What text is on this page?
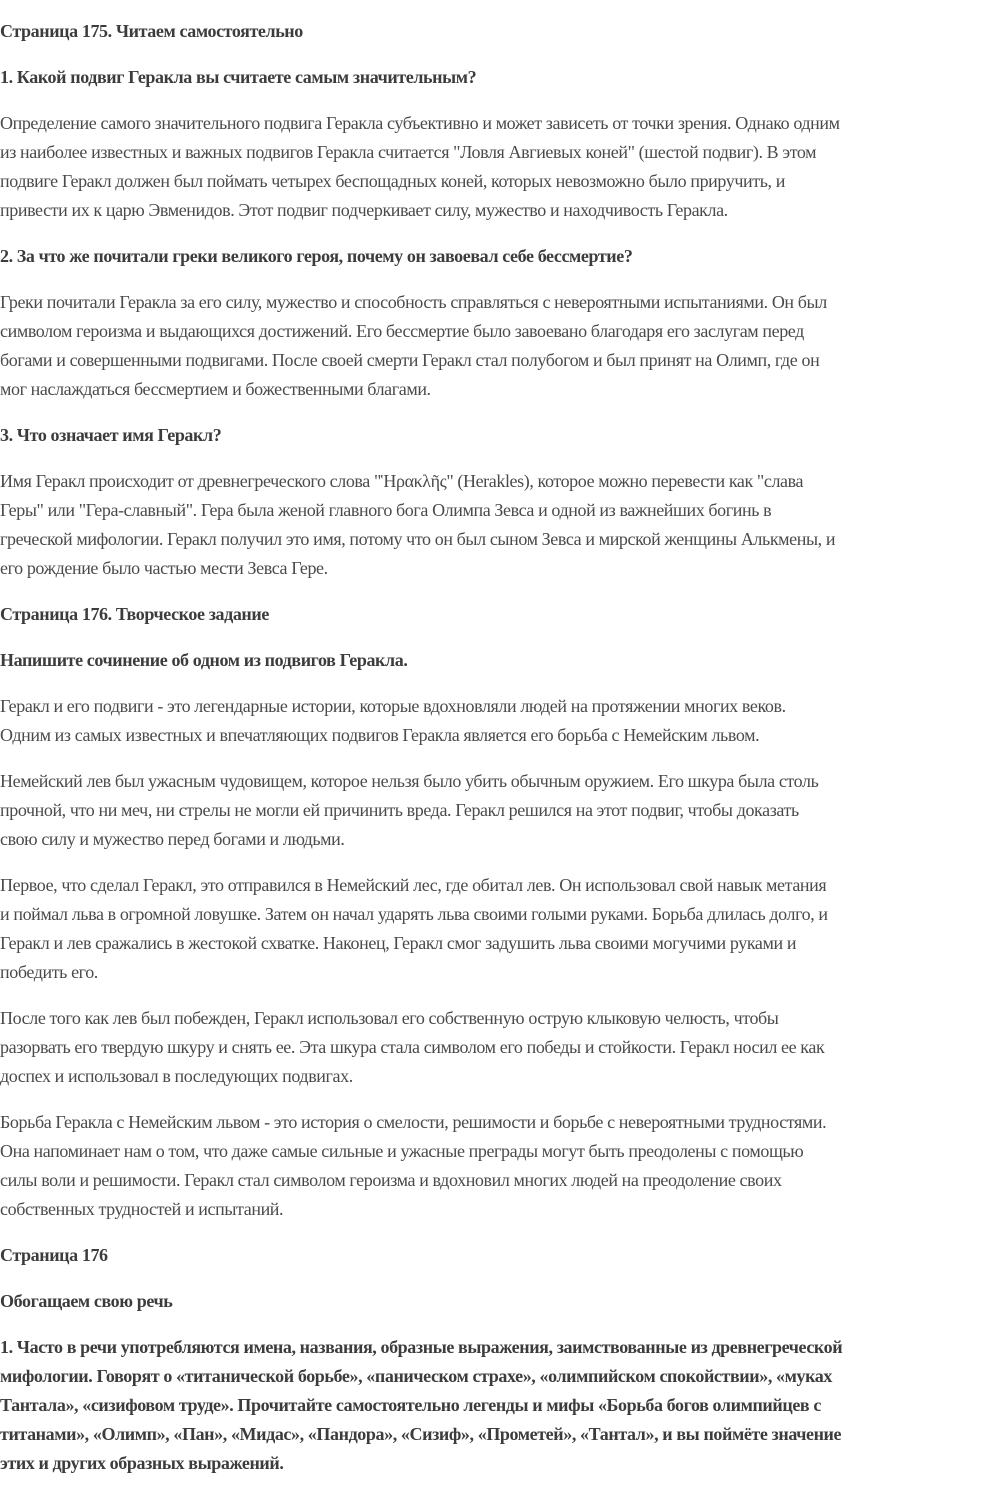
Страница 175. Читаем самостоятельно
1. Какой подвиг Геракла вы считаете самым значительным?
Определение самого значительного подвига Геракла субъективно и может зависеть от точки зрения. Однако одним
из наиболее известных и важных подвигов Геракла считается "Ловля Авгиевых коней" (шестой подвиг). В этом
подвиге Геракл должен был поймать четырех беспощадных коней, которых невозможно было приручить, и
привести их к царю Эвменидов. Этот подвиг подчеркивает силу, мужество и находчивость Геракла.
2. За что же почитали греки великого героя, почему он завоевал себе бессмертие?
Греки почитали Геракла за его силу, мужество и способность справляться с невероятными испытаниями. Он был
символом героизма и выдающихся достижений. Его бессмертие было завоевано благодаря его заслугам перед
богами и совершенными подвигами. После своей смерти Геракл стал полубогом и был принят на Олимп, где он
мог наслаждаться бессмертием и божественными благами.
3. Что означает имя Геракл?
Имя Геракл происходит от древнегреческого слова "Ἡρακλῆς" (Herakles), которое можно перевести как "слава
Геры" или "Гера-славный". Гера была женой главного бога Олимпа Зевса и одной из важнейших богинь в
греческой мифологии. Геракл получил это имя, потому что он был сыном Зевса и мирской женщины Алькмены, и
его рождение было частью мести Зевса Гере.
Страница 176. Творческое задание
Напишите сочинение об одном из подвигов Геракла.
Геракл и его подвиги - это легендарные истории, которые вдохновляли людей на протяжении многих веков.
Одним из самых известных и впечатляющих подвигов Геракла является его борьба с Немейским львом.
Немейский лев был ужасным чудовищем, которое нельзя было убить обычным оружием. Его шкура была столь
прочной, что ни меч, ни стрелы не могли ей причинить вреда. Геракл решился на этот подвиг, чтобы доказать
свою силу и мужество перед богами и людьми.
Первое, что сделал Геракл, это отправился в Немейский лес, где обитал лев. Он использовал свой навык метания
и поймал льва в огромной ловушке. Затем он начал ударять льва своими голыми руками. Борьба длилась долго, и
Геракл и лев сражались в жестокой схватке. Наконец, Геракл смог задушить льва своими могучими руками и
победить его.
После того как лев был побежден, Геракл использовал его собственную острую клыковую челюсть, чтобы
разорвать его твердую шкуру и снять ее. Эта шкура стала символом его победы и стойкости. Геракл носил ее как
доспех и использовал в последующих подвигах.
Борьба Геракла с Немейским львом - это история о смелости, решимости и борьбе с невероятными трудностями.
Она напоминает нам о том, что даже самые сильные и ужасные преграды могут быть преодолены с помощью
силы воли и решимости. Геракл стал символом героизма и вдохновил многих людей на преодоление своих
собственных трудностей и испытаний.
Страница 176
Обогащаем свою речь
1. Часто в речи употребляются имена, названия, образные выражения, заимствованные из древнегреческой
мифологии. Говорят о «титанической борьбе», «паническом страхе», «олимпийском спокойствии», «муках
Тантала», «сизифовом труде». Прочитайте самостоятельно легенды и мифы «Борьба богов олимпийцев с
титанами», «Олимп», «Пан», «Мидас», «Пандора», «Сизиф», «Прометей», «Тантал», и вы поймёте значение
этих и других образных выражений.
